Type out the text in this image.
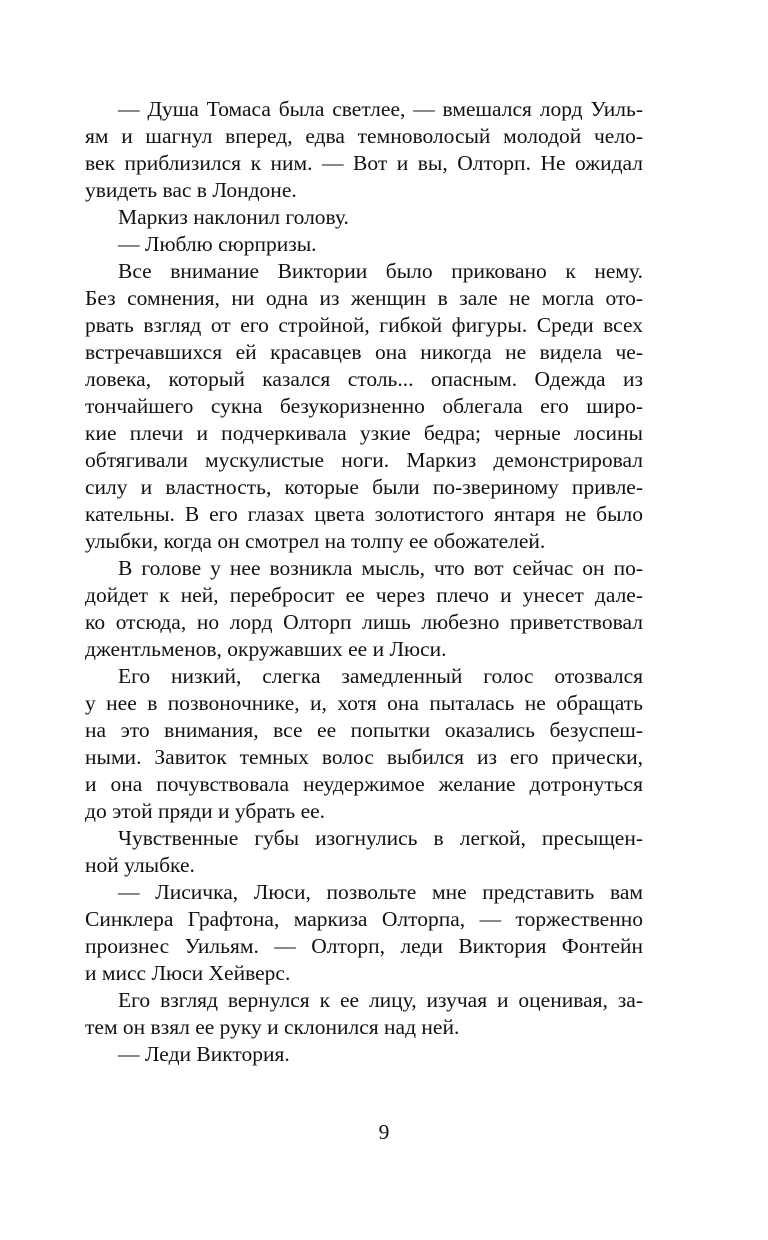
— Душа Томаса была светлее, — вмешался лорд Уиль-
ям и шагнул вперед, едва темноволосый молодой чело-
век приблизился к ним. — Вот и вы, Олторп. Не ожидал
увидеть вас в Лондоне.
Маркиз наклонил голову.
— Люблю сюрпризы.
Все внимание Виктории было приковано к нему.
Без сомнения, ни одна из женщин в зале не могла ото-
рвать взгляд от его стройной, гибкой фигуры. Среди всех
встречавшихся ей красавцев она никогда не видела че-
ловека, который казался столь... опасным. Одежда из
тончайшего сукна безукоризненно облегала его широ-
кие плечи и подчеркивала узкие бедра; черные лосины
обтягивали мускулистые ноги. Маркиз демонстрировал
силу и властность, которые были по-звериному привле-
кательны. В его глазах цвета золотистого янтаря не было
улыбки, когда он смотрел на толпу ее обожателей.
В голове у нее возникла мысль, что вот сейчас он по-
дойдет к ней, перебросит ее через плечо и унесет дале-
ко отсюда, но лорд Олторп лишь любезно приветствовал
джентльменов, окружавших ее и Люси.
Его низкий, слегка замедленный голос отозвался
у нее в позвоночнике, и, хотя она пыталась не обращать
на это внимания, все ее попытки оказались безуспеш-
ными. Завиток темных волос выбился из его прически,
и она почувствовала неудержимое желание дотронуться
до этой пряди и убрать ее.
Чувственные губы изогнулись в легкой, пресыщен-
ной улыбке.
— Лисичка, Люси, позвольте мне представить вам
Синклера Графтона, маркиза Олторпа, — торжественно
произнес Уильям. — Олторп, леди Виктория Фонтейн
и мисс Люси Хейверс.
Его взгляд вернулся к ее лицу, изучая и оценивая, за-
тем он взял ее руку и склонился над ней.
— Леди Виктория.
9
